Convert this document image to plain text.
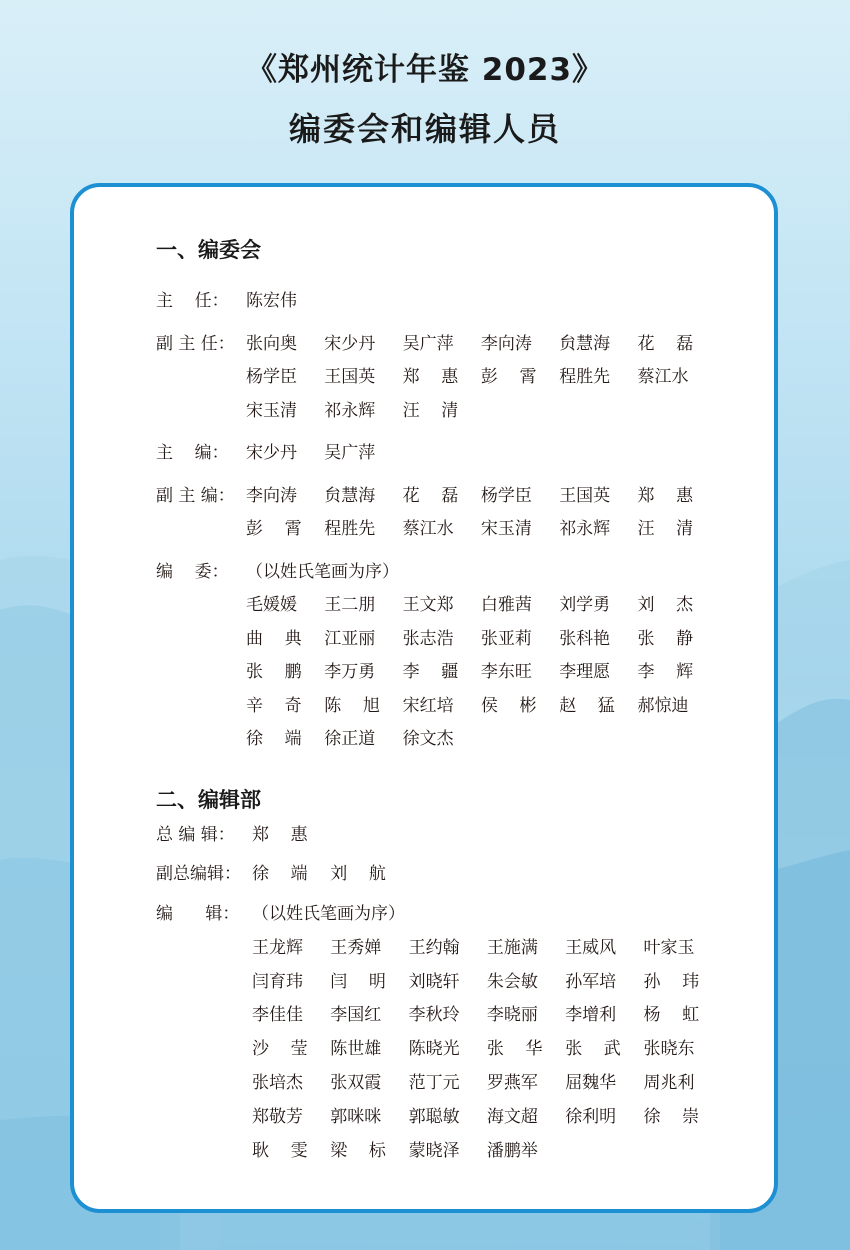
《郑州统计年鉴 2023》
编委会和编辑人员
一、编委会
主    任：	陈宏伟
副 主 任： 张向奥	宋少丹	吴广萍	李向涛	贠慧海	花    磊
杨学臣	王国英	郑    惠	彭    霄	程胜先	蔡江水
宋玉清	祁永辉	汪    清
主    编：	宋少丹	吴广萍
副 主 编： 李向涛	贠慧海	花    磊	杨学臣	王国英	郑    惠
彭    霄	程胜先	蔡江水	宋玉清	祁永辉	汪    清
编    委：	（以姓氏笔画为序）
毛媛媛	王二朋	王文郑	白雅茜	刘学勇	刘    杰
曲    典	江亚丽	张志浩	张亚莉	张科艳	张    静
张    鹏	李万勇	李    疆	李东旺	李理愿	李    辉
辛    奇	陈    旭	宋红培	侯    彬	赵    猛	郝惊迪
徐    端	徐正道	徐文杰
二、编辑部
总 编 辑：	郑    惠
副总编辑： 徐    端	刘    航
编      辑： （以姓氏笔画为序）
王龙辉	王秀婵	王约翰	王施满	王威风	叶家玉
闫育玮	闫    明	刘晓轩	朱会敏	孙军培	孙    玮
李佳佳	李国红	李秋玲	李晓丽	李增利	杨    虹
沙    莹	陈世雄	陈晓光	张    华	张    武	张晓东
张培杰	张双霞	范丁元	罗燕军	屈魏华	周兆利
郑敬芳	郭咪咪	郭聪敏	海文超	徐利明	徐    崇
耿    雯	梁    标	蒙晓泽	潘鹏举
